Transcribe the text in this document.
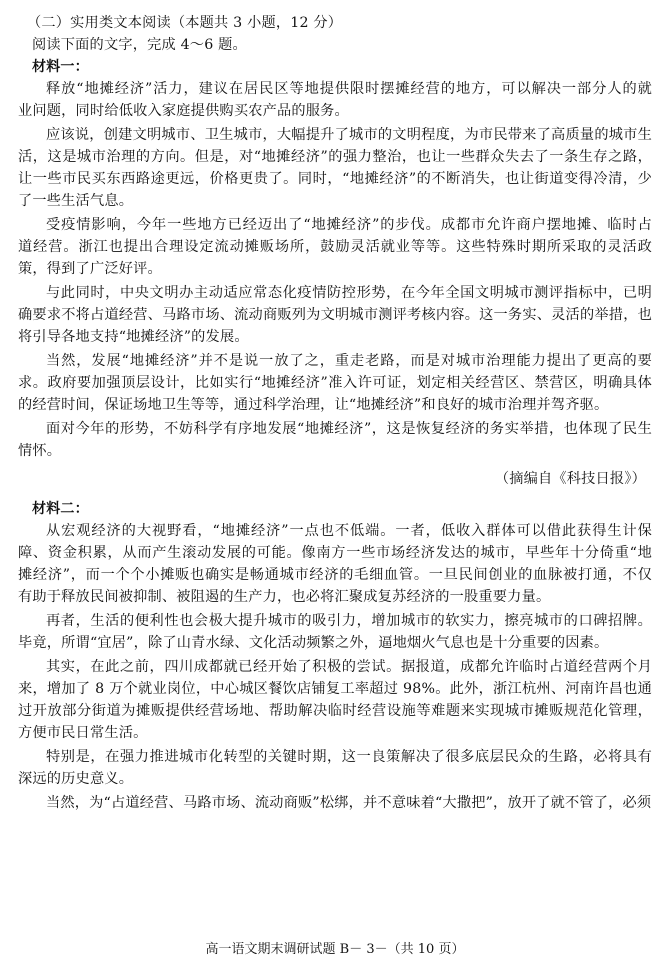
（二）实用类文本阅读（本题共 3 小题，12 分）
阅读下面的文字，完成 4～6 题。
材料一：
释放“地摊经济”活力，建议在居民区等地提供限时摆摊经营的地方，可以解决一部分人的就
业问题，同时给低收入家庭提供购买农产品的服务。
应该说，创建文明城市、卫生城市，大幅提升了城市的文明程度，为市民带来了高质量的城市生
活，这是城市治理的方向。但是，对“地摊经济”的强力整治，也让一些群众失去了一条生存之路，
让一些市民买东西路途更远，价格更贵了。同时，“地摊经济”的不断消失，也让街道变得冷清，少
了一些生活气息。
受疫情影响，今年一些地方已经迈出了“地摊经济”的步伐。成都市允许商户摆地摊、临时占
道经营。浙江也提出合理设定流动摊贩场所，鼓励灵活就业等等。这些特殊时期所采取的灵活政
策，得到了广泛好评。
与此同时，中央文明办主动适应常态化疫情防控形势，在今年全国文明城市测评指标中，已明
确要求不将占道经营、马路市场、流动商贩列为文明城市测评考核内容。这一务实、灵活的举措，也
将引导各地支持“地摊经济”的发展。
当然，发展“地摊经济”并不是说一放了之，重走老路，而是对城市治理能力提出了更高的要
求。政府要加强顶层设计，比如实行“地摊经济”准入许可证，划定相关经营区、禁营区，明确具体
的经营时间，保证场地卫生等等，通过科学治理，让“地摊经济”和良好的城市治理并驾齐驱。
面对今年的形势，不妨科学有序地发展“地摊经济”，这是恢复经济的务实举措，也体现了民生
情怀。
（摘编自《科技日报》）
材料二：
从宏观经济的大视野看，“地摊经济”一点也不低端。一者，低收入群体可以借此获得生计保
障、资金积累，从而产生滚动发展的可能。像南方一些市场经济发达的城市，早些年十分倚重“地
摊经济”，而一个个小摊贩也确实是畅通城市经济的毛细血管。一旦民间创业的血脉被打通，不仅
有助于释放民间被抑制、被阻遏的生产力，也必将汇聚成复苏经济的一股重要力量。
再者，生活的便利性也会极大提升城市的吸引力，增加城市的软实力，擦亮城市的口碑招牌。
毕竟，所谓“宜居”，除了山青水绿、文化活动频繁之外，逼地烟火气息也是十分重要的因素。
其实，在此之前，四川成都就已经开始了积极的尝试。据报道，成都允许临时占道经营两个月
来，增加了 8 万个就业岗位，中心城区餐饮店铺复工率超过 98%。此外，浙江杭州、河南许昌也通
过开放部分街道为摊贩提供经营场地、帮助解决临时经营设施等难题来实现城市摊贩规范化管理，
方便市民日常生活。
特别是，在强力推进城市化转型的关键时期，这一良策解决了很多底层民众的生路，必将具有
深远的历史意义。
当然，为“占道经营、马路市场、流动商贩”松绑，并不意味着“大撒把”，放开了就不管了，必须
高一语文期末调研试题 B－ 3－（共 10 页）
